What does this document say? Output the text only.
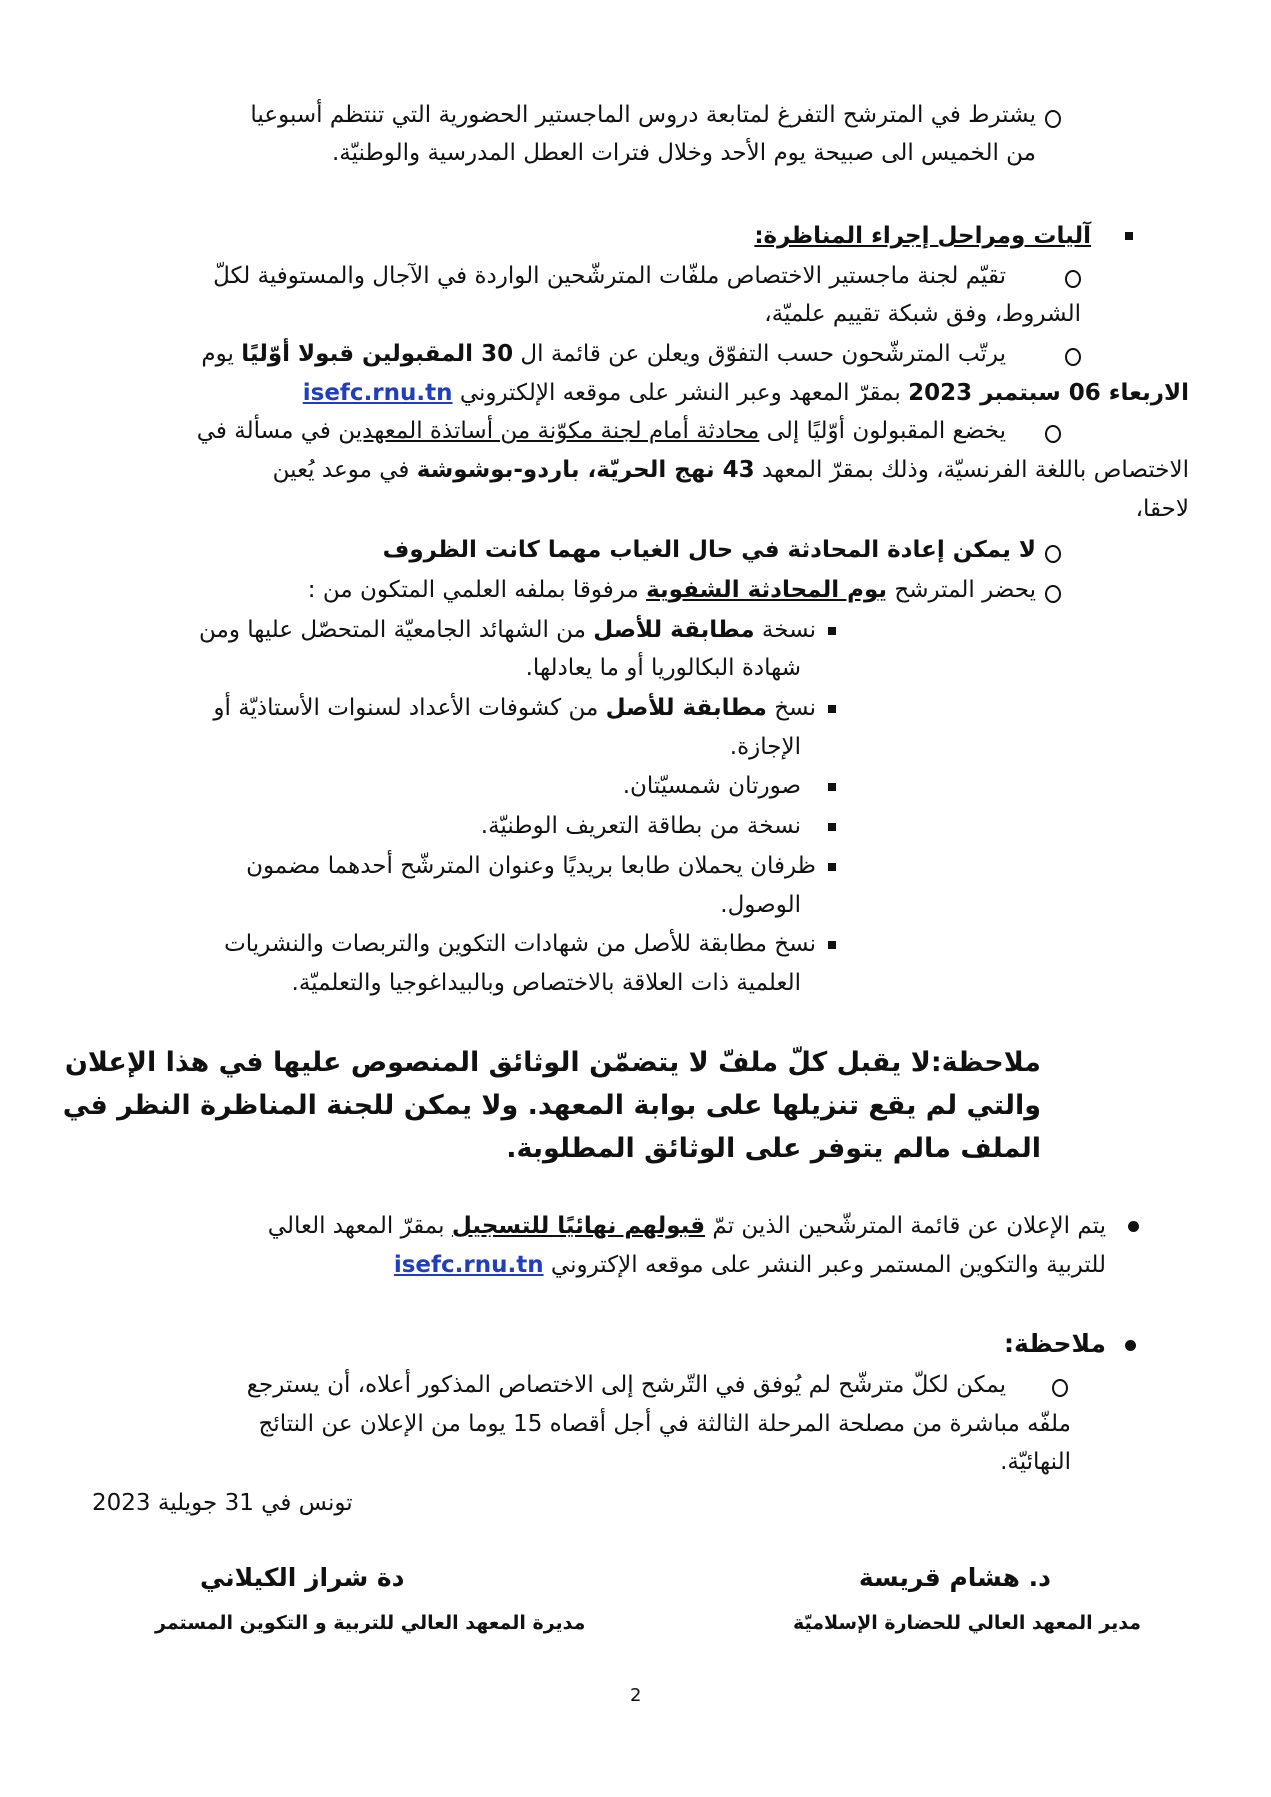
يشترط في المترشح التفرغ لمتابعة دروس الماجستير الحضورية التي تنتظم أسبوعيا
من الخميس الى صبيحة يوم الأحد وخلال فترات العطل المدرسية والوطنيّة.
آليات ومراحل إجراء المناظرة:
تقيّم لجنة ماجستير الاختصاص ملفّات المترشّحين الواردة في الآجال والمستوفية لكلّ
الشروط، وفق شبكة تقييم علميّة،
يرتّب المترشّحون حسب التفوّق ويعلن عن قائمة ال 30 المقبولين قبولا أوّليًا يوم
الاربعاء 06 سبتمبر 2023 بمقرّ المعهد وعبر النشر على موقعه الإلكتروني isefc.rnu.tn
يخضع المقبولون أوّليًا إلى محادثة أمام لجنة مكوّنة من أساتذة المعهدين في مسألة في
الاختصاص باللغة الفرنسيّة، وذلك بمقرّ المعهد 43 نهج الحريّة، باردو-بوشوشة في موعد يُعين
لاحقا،
لا يمكن إعادة المحادثة في حال الغياب مهما كانت الظروف
يحضر المترشح يوم المحادثة الشفوية مرفوقا بملفه العلمي المتكون من :
نسخة مطابقة للأصل من الشهائد الجامعيّة المتحصّل عليها ومن
شهادة البكالوريا أو ما يعادلها.
نسخ مطابقة للأصل من كشوفات الأعداد لسنوات الأستاذيّة أو
الإجازة.
صورتان شمسيّتان.
نسخة من بطاقة التعريف الوطنيّة.
ظرفان يحملان طابعا بريديًا وعنوان المترشّح أحدهما مضمون
الوصول.
نسخ مطابقة للأصل من شهادات التكوين والتربصات والنشريات
العلمية ذات العلاقة بالاختصاص وبالبيداغوجيا والتعلميّة.
ملاحظة:لا يقبل كلّ ملفّ لا يتضمّن الوثائق المنصوص عليها في هذا الإعلان
والتي لم يقع تنزيلها على بوابة المعهد. ولا يمكن للجنة المناظرة النظر في
الملف مالم يتوفر على الوثائق المطلوبة.
يتم الإعلان عن قائمة المترشّحين الذين تمّ قبولهم نهائيًا للتسجيل بمقرّ المعهد العالي
للتربية والتكوين المستمر وعبر النشر على موقعه الإكتروني isefc.rnu.tn
ملاحظة:
يمكن لكلّ مترشّح لم يُوفق في التّرشح إلى الاختصاص المذكور أعلاه، أن يسترجع
ملفّه مباشرة من مصلحة المرحلة الثالثة في أجل أقصاه 15 يوما من الإعلان عن النتائج
النهائيّة.
تونس في 31 جويلية 2023
دة شراز الكيلاني
مديرة المعهد العالي للتربية و التكوين المستمر
د. هشام قريسة
مدير المعهد العالي للحضارة الإسلاميّة
2
